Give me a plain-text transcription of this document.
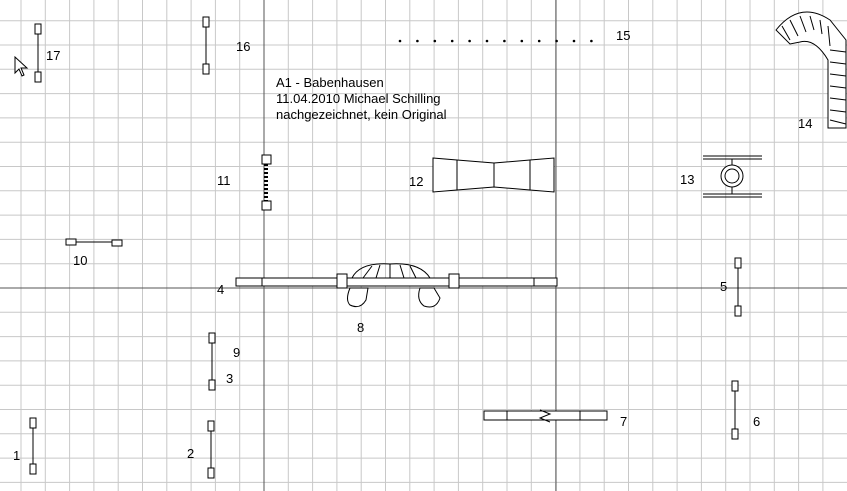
A1 - Babenhausen
11.04.2010 Michael Schilling
nachgezeichnet, kein Original
17
16
15
14
11	12	13
10
4	5
8
9
3
7	6
1	2
